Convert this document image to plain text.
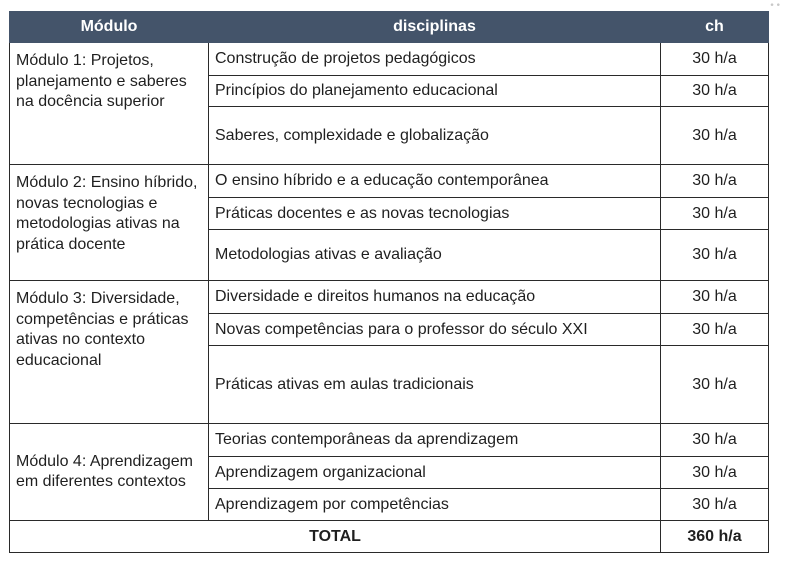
••
Módulo	disciplinas	ch
Módulo 1: Projetos, planejamento e saberes na docência superior	Construção de projetos pedagógicos	30 h/a
	Princípios do planejamento educacional	30 h/a
	Saberes, complexidade e globalização	30 h/a
Módulo 2: Ensino híbrido, novas tecnologias e metodologias ativas na prática docente	O ensino híbrido e a educação contemporânea	30 h/a
	Práticas docentes e as novas tecnologias	30 h/a
	Metodologias ativas e avaliação	30 h/a
Módulo 3: Diversidade, competências e práticas ativas no contexto educacional	Diversidade e direitos humanos na educação	30 h/a
	Novas competências para o professor do século XXI	30 h/a
	Práticas ativas em aulas tradicionais	30 h/a
Módulo 4: Aprendizagem em diferentes contextos	Teorias contemporâneas da aprendizagem	30 h/a
	Aprendizagem organizacional	30 h/a
	Aprendizagem por competências	30 h/a
TOTAL		360 h/a
